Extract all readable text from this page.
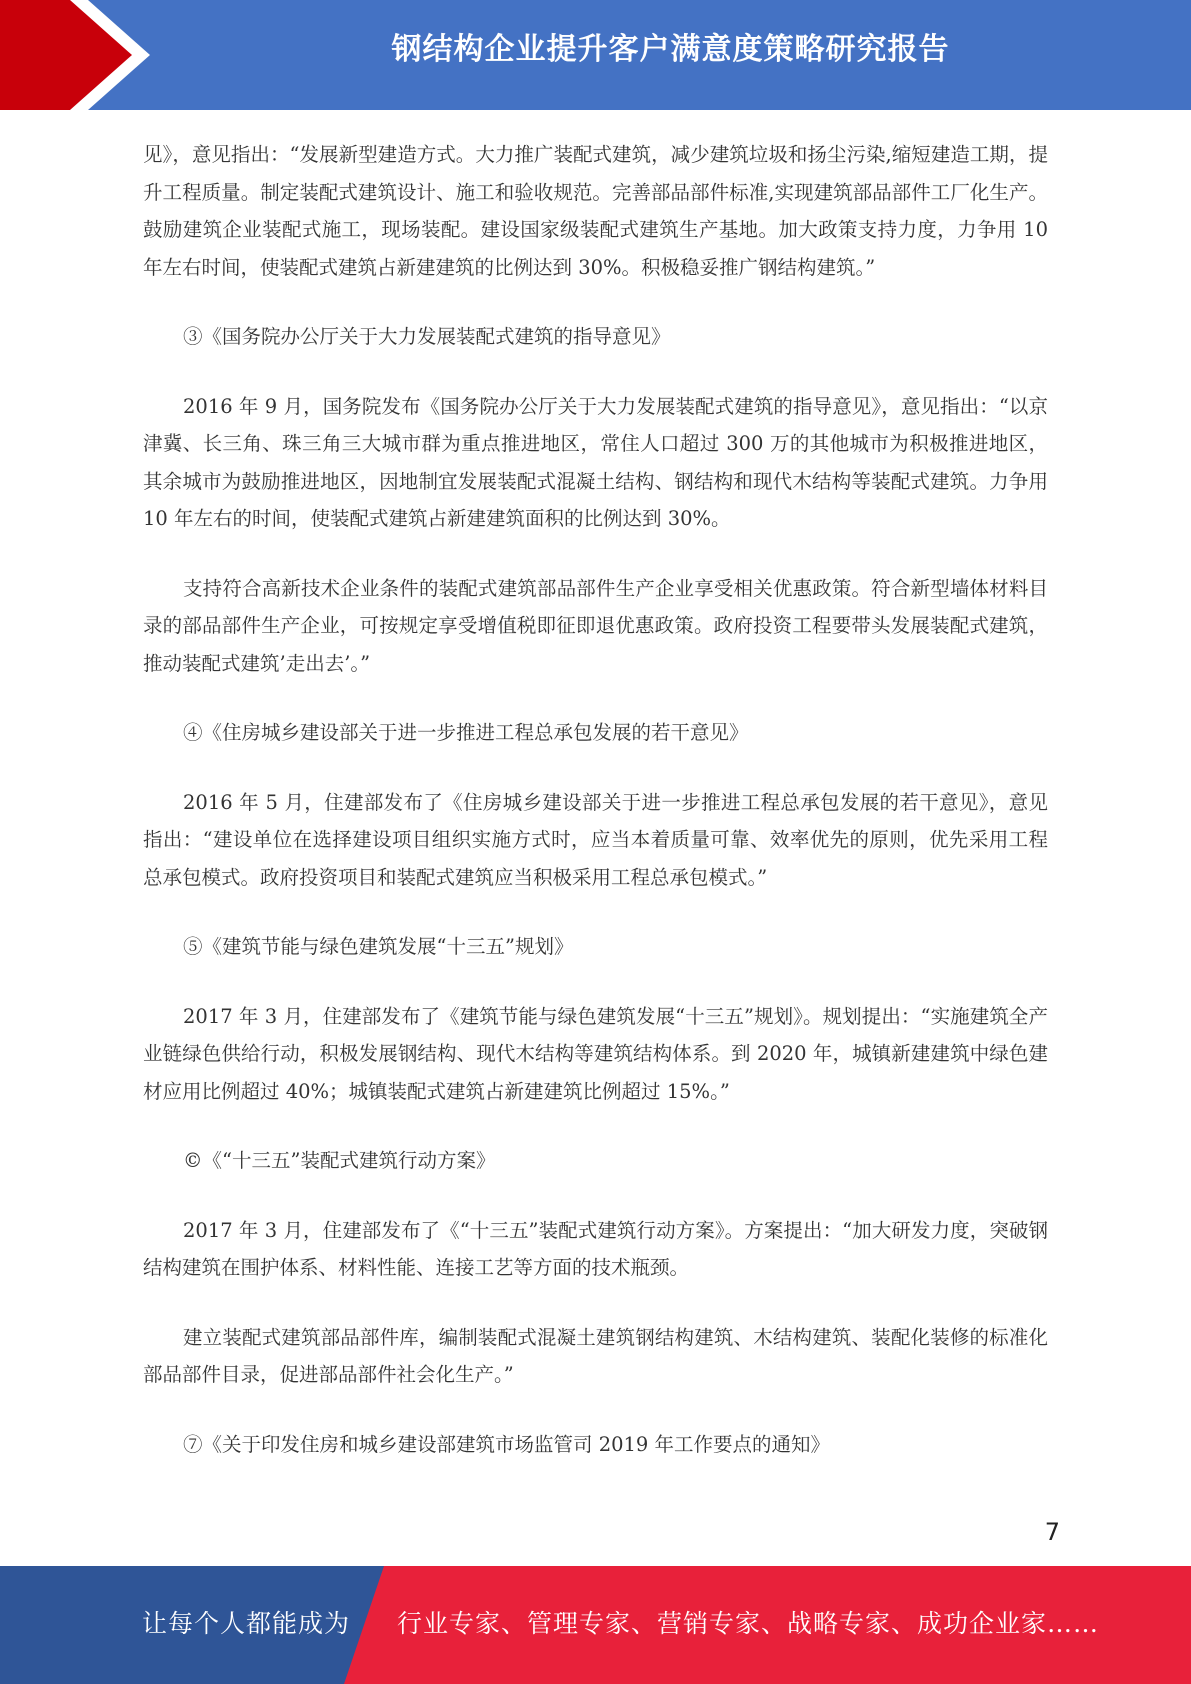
钢结构企业提升客户满意度策略研究报告

见》，意见指出：“发展新型建造方式。大力推广装配式建筑，减少建筑垃圾和扬尘污染,缩短建造工期，提升工程质量。制定装配式建筑设计、施工和验收规范。完善部品部件标准,实现建筑部品部件工厂化生产。鼓励建筑企业装配式施工，现场装配。建设国家级装配式建筑生产基地。加大政策支持力度，力争用 10 年左右时间，使装配式建筑占新建建筑的比例达到 30%。积极稳妥推广钢结构建筑。”

③《国务院办公厅关于大力发展装配式建筑的指导意见》

2016 年 9 月，国务院发布《国务院办公厅关于大力发展装配式建筑的指导意见》，意见指出：“以京津冀、长三角、珠三角三大城市群为重点推进地区，常住人口超过 300 万的其他城市为积极推进地区，其余城市为鼓励推进地区，因地制宜发展装配式混凝土结构、钢结构和现代木结构等装配式建筑。力争用 10 年左右的时间，使装配式建筑占新建建筑面积的比例达到 30%。

支持符合高新技术企业条件的装配式建筑部品部件生产企业享受相关优惠政策。符合新型墙体材料目录的部品部件生产企业，可按规定享受增值税即征即退优惠政策。政府投资工程要带头发展装配式建筑，推动装配式建筑’走出去’。”

④《住房城乡建设部关于进一步推进工程总承包发展的若干意见》

2016 年 5 月，住建部发布了《住房城乡建设部关于进一步推进工程总承包发展的若干意见》，意见指出：“建设单位在选择建设项目组织实施方式时，应当本着质量可靠、效率优先的原则，优先采用工程总承包模式。政府投资项目和装配式建筑应当积极采用工程总承包模式。”

⑤《建筑节能与绿色建筑发展“十三五”规划》

2017 年 3 月，住建部发布了《建筑节能与绿色建筑发展“十三五”规划》。规划提出：“实施建筑全产业链绿色供给行动，积极发展钢结构、现代木结构等建筑结构体系。到 2020 年，城镇新建建筑中绿色建材应用比例超过 40%；城镇装配式建筑占新建建筑比例超过 15%。”

©《“十三五”装配式建筑行动方案》

2017 年 3 月，住建部发布了《“十三五”装配式建筑行动方案》。方案提出：“加大研发力度，突破钢结构建筑在围护体系、材料性能、连接工艺等方面的技术瓶颈。

建立装配式建筑部品部件库，编制装配式混凝土建筑钢结构建筑、木结构建筑、装配化装修的标准化部品部件目录，促进部品部件社会化生产。”

⑦《关于印发住房和城乡建设部建筑市场监管司 2019 年工作要点的通知》

7
让每个人都能成为 行业专家、管理专家、营销专家、战略专家、成功企业家……
